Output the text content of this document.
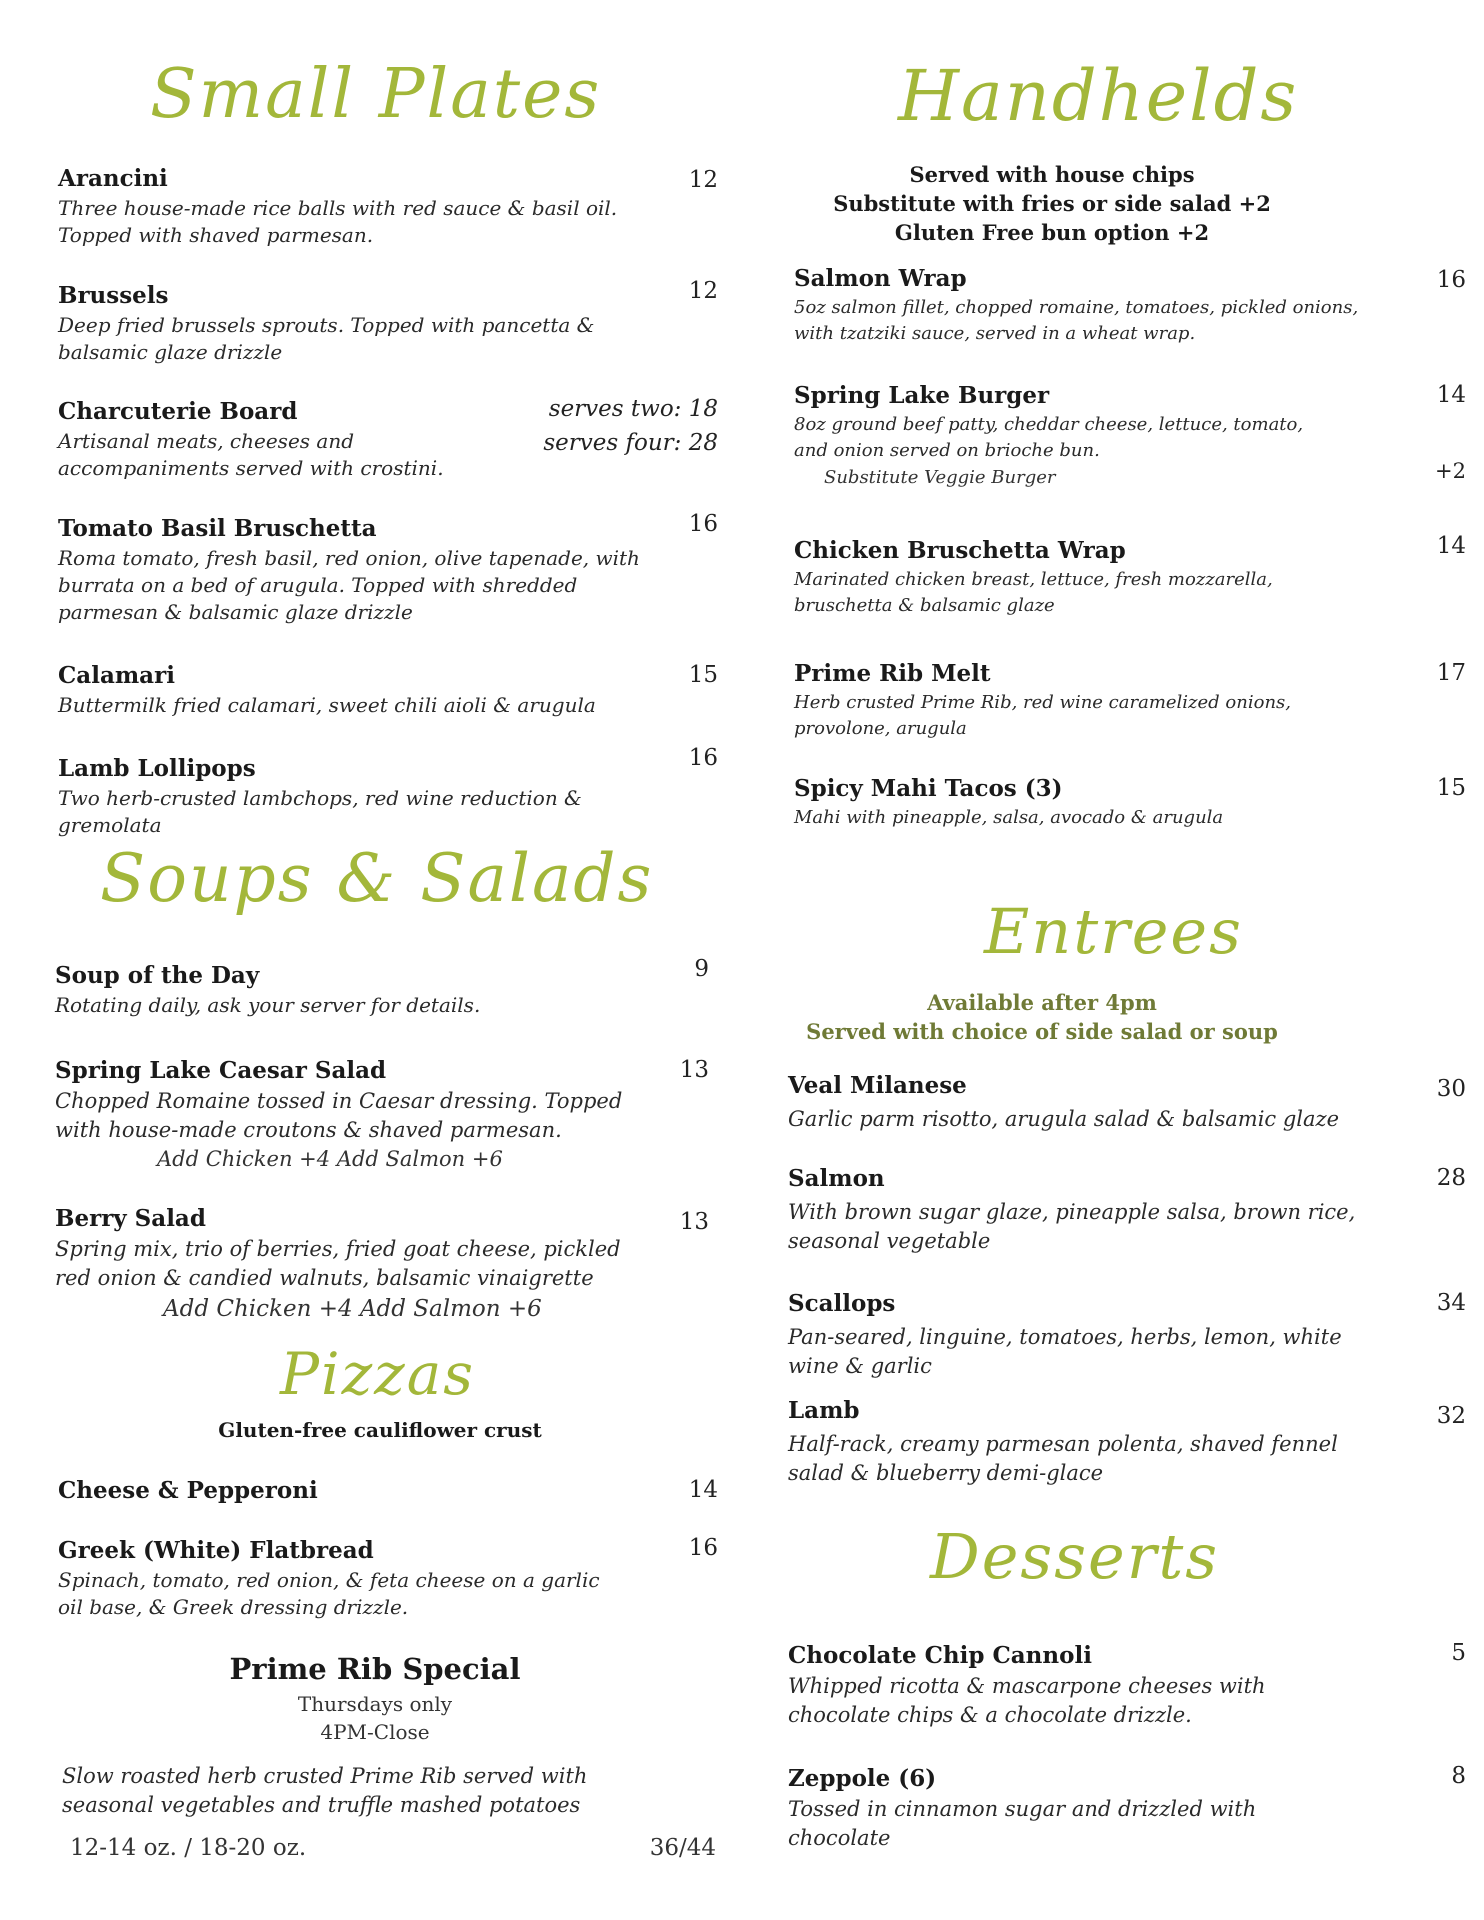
Small Plates
Arancini	12
Three house-made rice balls with red sauce & basil oil. Topped with shaved parmesan.
Brussels	12
Deep fried brussels sprouts. Topped with pancetta & balsamic glaze drizzle
Charcuterie Board	serves two: 18
serves four: 28
Artisanal meats, cheeses and accompaniments served with crostini.
Tomato Basil Bruschetta	16
Roma tomato, fresh basil, red onion, olive tapenade, with burrata on a bed of arugula. Topped with shredded parmesan & balsamic glaze drizzle
Calamari	15
Buttermilk fried calamari, sweet chili aioli & arugula
Lamb Lollipops	16
Two herb-crusted lambchops, red wine reduction & gremolata
Soups & Salads
Soup of the Day	9
Rotating daily, ask your server for details.
Spring Lake Caesar Salad	13
Chopped Romaine tossed in Caesar dressing. Topped with house-made croutons & shaved parmesan.
Add Chicken +4 Add Salmon +6
Berry Salad	13
Spring mix, trio of berries, fried goat cheese, pickled red onion & candied walnuts, balsamic vinaigrette
Add Chicken +4 Add Salmon +6
Pizzas
Gluten-free cauliflower crust
Cheese & Pepperoni	14
Greek (White) Flatbread	16
Spinach, tomato, red onion, & feta cheese on a garlic oil base, & Greek dressing drizzle.
Prime Rib Special
Thursdays only
4PM-Close
Slow roasted herb crusted Prime Rib served with seasonal vegetables and truffle mashed potatoes
12-14 oz. / 18-20 oz.	36/44
Handhelds
Served with house chips
Substitute with fries or side salad +2
Gluten Free bun option +2
Salmon Wrap	16
5oz salmon fillet, chopped romaine, tomatoes, pickled onions, with tzatziki sauce, served in a wheat wrap.
Spring Lake Burger	14
8oz ground beef patty, cheddar cheese, lettuce, tomato, and onion served on brioche bun.
Substitute Veggie Burger	+2
Chicken Bruschetta Wrap	14
Marinated chicken breast, lettuce, fresh mozzarella, bruschetta & balsamic glaze
Prime Rib Melt	17
Herb crusted Prime Rib, red wine caramelized onions, provolone, arugula
Spicy Mahi Tacos (3)	15
Mahi with pineapple, salsa, avocado & arugula
Entrees
Available after 4pm
Served with choice of side salad or soup
Veal Milanese	30
Garlic parm risotto, arugula salad & balsamic glaze
Salmon	28
With brown sugar glaze, pineapple salsa, brown rice, seasonal vegetable
Scallops	34
Pan-seared, linguine, tomatoes, herbs, lemon, white wine & garlic
Lamb	32
Half-rack, creamy parmesan polenta, shaved fennel salad & blueberry demi-glace
Desserts
Chocolate Chip Cannoli	5
Whipped ricotta & mascarpone cheeses with chocolate chips & a chocolate drizzle.
Zeppole (6)	8
Tossed in cinnamon sugar and drizzled with chocolate
